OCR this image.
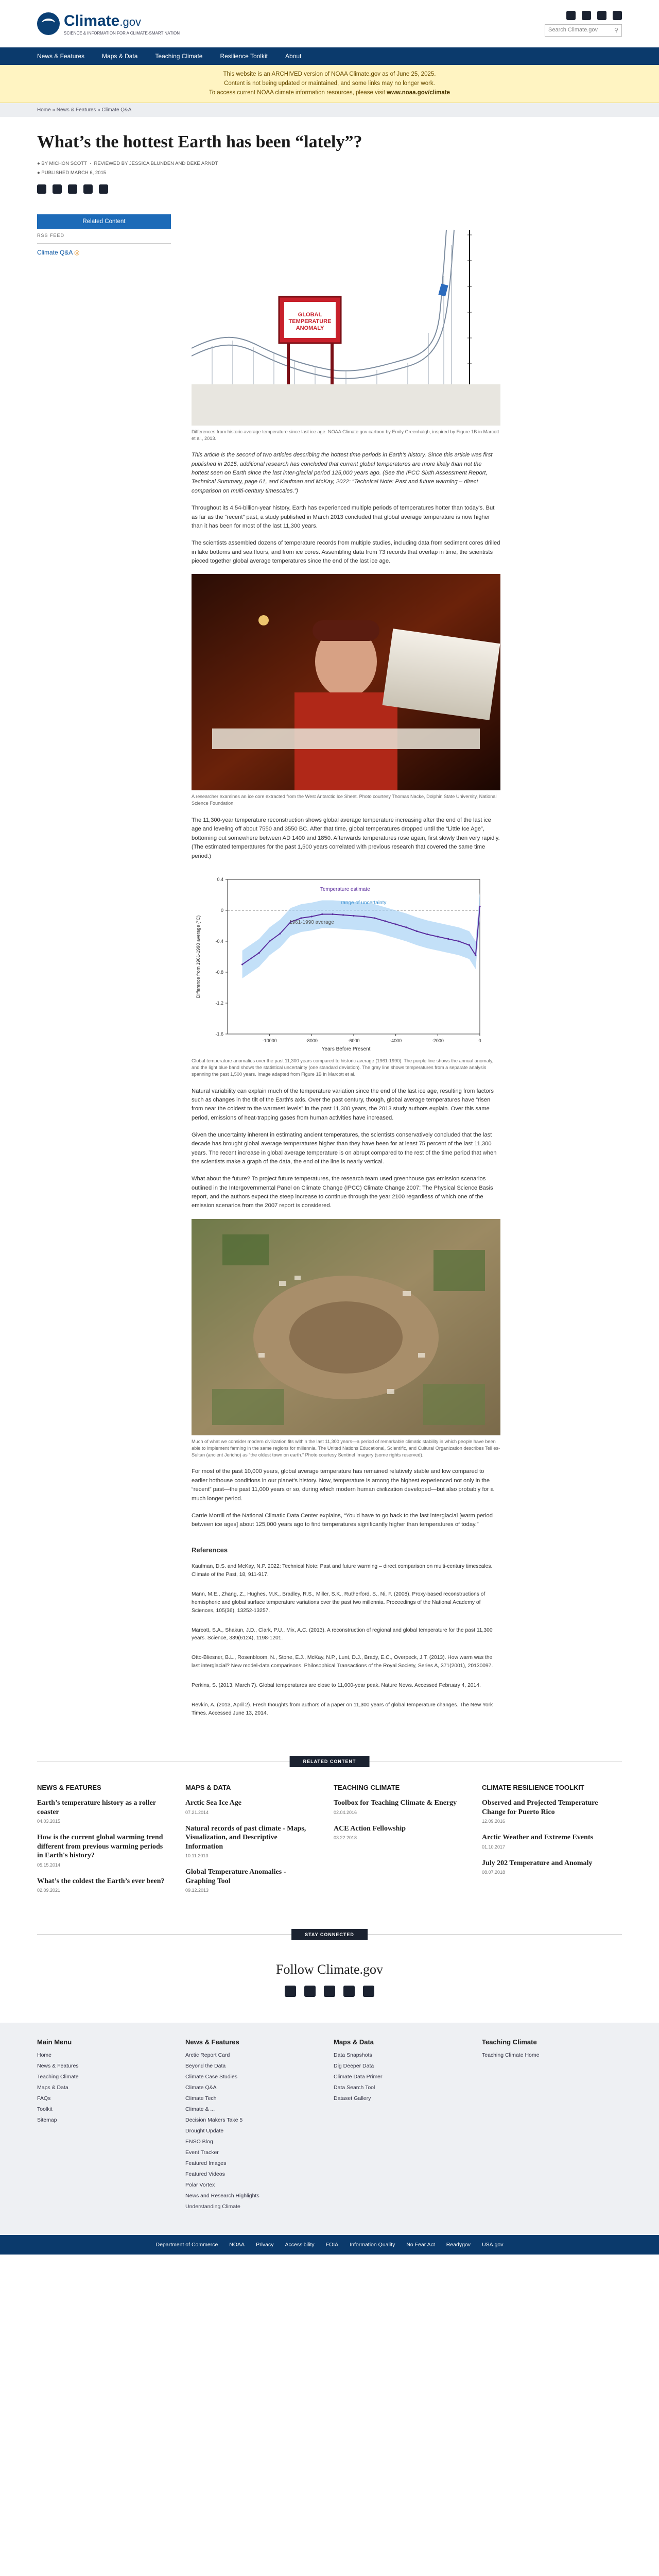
Climate.gov
SCIENCE & INFORMATION FOR A CLIMATE-SMART NATION	Search Climate.gov	⚲
News & Features	Maps & Data	Teaching Climate	Resilience Toolkit	About
This website is an ARCHIVED version of NOAA Climate.gov as of June 25, 2025.
Content is not being updated or maintained, and some links may no longer work.
To access current NOAA climate information resources, please visit www.noaa.gov/climate
Home » News & Features » Climate Q&A
What’s the hottest Earth has been “lately”?
● BY MICHON SCOTT  ·  REVIEWED BY JESSICA BLUNDEN AND DEKE ARNDT
● PUBLISHED MARCH 6, 2015
Related Content
RSS FEED
Climate Q&A ◎
GLOBAL TEMPERATURE ANOMALY
Differences from historic average temperature since last ice age. NOAA Climate.gov cartoon by Emily Greenhalgh, inspired by Figure 1B in Marcott et al., 2013.

This article is the second of two articles describing the hottest time periods in Earth's history. Since this article was first published in 2015, additional research has concluded that current global temperatures are more likely than not the hottest seen on Earth since the last inter-glacial period 125,000 years ago. (See the IPCC Sixth Assessment Report, Technical Summary, page 61, and Kaufman and McKay, 2022: “Technical Note: Past and future warming – direct comparison on multi-century timescales.”)

Throughout its 4.54-billion-year history, Earth has experienced multiple periods of temperatures hotter than today's. But as far as the “recent” past, a study published in March 2013 concluded that global average temperature is now higher than it has been for most of the last 11,300 years.

The scientists assembled dozens of temperature records from multiple studies, including data from sediment cores drilled in lake bottoms and sea floors, and from ice cores. Assembling data from 73 records that overlap in time, the scientists pieced together global average temperatures since the end of the last ice age.

A researcher examines an ice core extracted from the West Antarctic Ice Sheet. Photo courtesy Thomas Nacke, Dolphin State University, National Science Foundation.

The 11,300-year temperature reconstruction shows global average temperature increasing after the end of the last ice age and leveling off about 7550 and 3550 BC. After that time, global temperatures dropped until the “Little Ice Age”, bottoming out somewhere between AD 1400 and 1850. Afterwards temperatures rose again, first slowly then very rapidly. (The estimated temperatures for the past 1,500 years correlated with previous research that covered the same time period.)

-1.6
-1.2
-0.8
-0.4
0
0.4
-10000	-8000	-6000	-4000	-2000	0
Years Before Present
Difference from 1961-1990 average (°C)
Temperature estimate
range of uncertainty
1961-1990 average
Global temperature anomalies over the past 11,300 years compared to historic average (1961-1990). The purple line shows the annual anomaly, and the light blue band shows the statistical uncertainty (one standard deviation). The gray line shows temperatures from a separate analysis spanning the past 1,500 years. Image adapted from Figure 1B in Marcott et al.

Natural variability can explain much of the temperature variation since the end of the last ice age, resulting from factors such as changes in the tilt of the Earth's axis. Over the past century, though, global average temperatures have “risen from near the coldest to the warmest levels” in the past 11,300 years, the 2013 study authors explain. Over this same period, emissions of heat-trapping gases from human activities have increased.

Given the uncertainty inherent in estimating ancient temperatures, the scientists conservatively concluded that the last decade has brought global average temperatures higher than they have been for at least 75 percent of the last 11,300 years. The recent increase in global average temperature is on abrupt compared to the rest of the time period that when the scientists make a graph of the data, the end of the line is nearly vertical.

What about the future? To project future temperatures, the research team used greenhouse gas emission scenarios outlined in the Intergovernmental Panel on Climate Change (IPCC) Climate Change 2007: The Physical Science Basis report, and the authors expect the steep increase to continue through the year 2100 regardless of which one of the emission scenarios from the 2007 report is considered.

Much of what we consider modern civilization fits within the last 11,300 years—a period of remarkable climatic stability in which people have been able to implement farming in the same regions for millennia. The United Nations Educational, Scientific, and Cultural Organization describes Tell es-Sultan (ancient Jericho) as “the oldest town on earth.” Photo courtesy Sentinel Imagery (some rights reserved).

For most of the past 10,000 years, global average temperature has remained relatively stable and low compared to earlier hothouse conditions in our planet's history. Now, temperature is among the highest experienced not only in the “recent” past—the past 11,000 years or so, during which modern human civilization developed—but also probably for a much longer period.

Carrie Morrill of the National Climatic Data Center explains, “You'd have to go back to the last interglacial [warm period between ice ages] about 125,000 years ago to find temperatures significantly higher than temperatures of today.”

References

Kaufman, D.S. and McKay, N.P. 2022: Technical Note: Past and future warming – direct comparison on multi-century timescales. Climate of the Past, 18, 911-917.

Mann, M.E., Zhang, Z., Hughes, M.K., Bradley, R.S., Miller, S.K., Rutherford, S., Ni, F. (2008). Proxy-based reconstructions of hemispheric and global surface temperature variations over the past two millennia. Proceedings of the National Academy of Sciences, 105(36), 13252-13257.

Marcott, S.A., Shakun, J.D., Clark, P.U., Mix, A.C. (2013). A reconstruction of regional and global temperature for the past 11,300 years. Science, 339(6124), 1198-1201.

Otto-Bliesner, B.L., Rosenbloom, N., Stone, E.J., McKay, N.P., Lunt, D.J., Brady, E.C., Overpeck, J.T. (2013). How warm was the last interglacial? New model-data comparisons. Philosophical Transactions of the Royal Society, Series A, 371(2001), 20130097.

Perkins, S. (2013, March 7). Global temperatures are close to 11,000-year peak. Nature News. Accessed February 4, 2014.

Revkin, A. (2013, April 2). Fresh thoughts from authors of a paper on 11,300 years of global temperature changes. The New York Times. Accessed June 13, 2014.

RELATED CONTENT
NEWS & FEATURES
Earth’s temperature history as a roller coaster
04.03.2015
How is the current global warming trend different from previous warming periods in Earth's history?
05.15.2014
What’s the coldest the Earth’s ever been?
02.09.2021
MAPS & DATA
Arctic Sea Ice Age
07.21.2014
Natural records of past climate - Maps, Visualization, and Descriptive Information
10.11.2013
Global Temperature Anomalies - Graphing Tool
09.12.2013
TEACHING CLIMATE
Toolbox for Teaching Climate & Energy
02.04.2016
ACE Action Fellowship
03.22.2018
CLIMATE RESILIENCE TOOLKIT
Observed and Projected Temperature Change for Puerto Rico
12.09.2016
Arctic Weather and Extreme Events
01.10.2017
July 202 Temperature and Anomaly
08.07.2018
STAY CONNECTED
Follow Climate.gov
Main Menu
Home
News & Features
Teaching Climate
Maps & Data
FAQs
Toolkit
Sitemap
News & Features
Arctic Report Card
Beyond the Data
Climate Case Studies
Climate Q&A
Climate Tech
Climate & ...
Decision Makers Take 5
Drought Update
ENSO Blog
Event Tracker
Featured Images
Featured Videos
Polar Vortex
News and Research Highlights
Understanding Climate
Maps & Data
Data Snapshots
Dig Deeper Data
Climate Data Primer
Data Search Tool
Dataset Gallery
Teaching Climate
Teaching Climate Home
Department of Commerce NOAA Privacy Accessibility FOIA Information Quality No Fear Act Readygov USA.gov
